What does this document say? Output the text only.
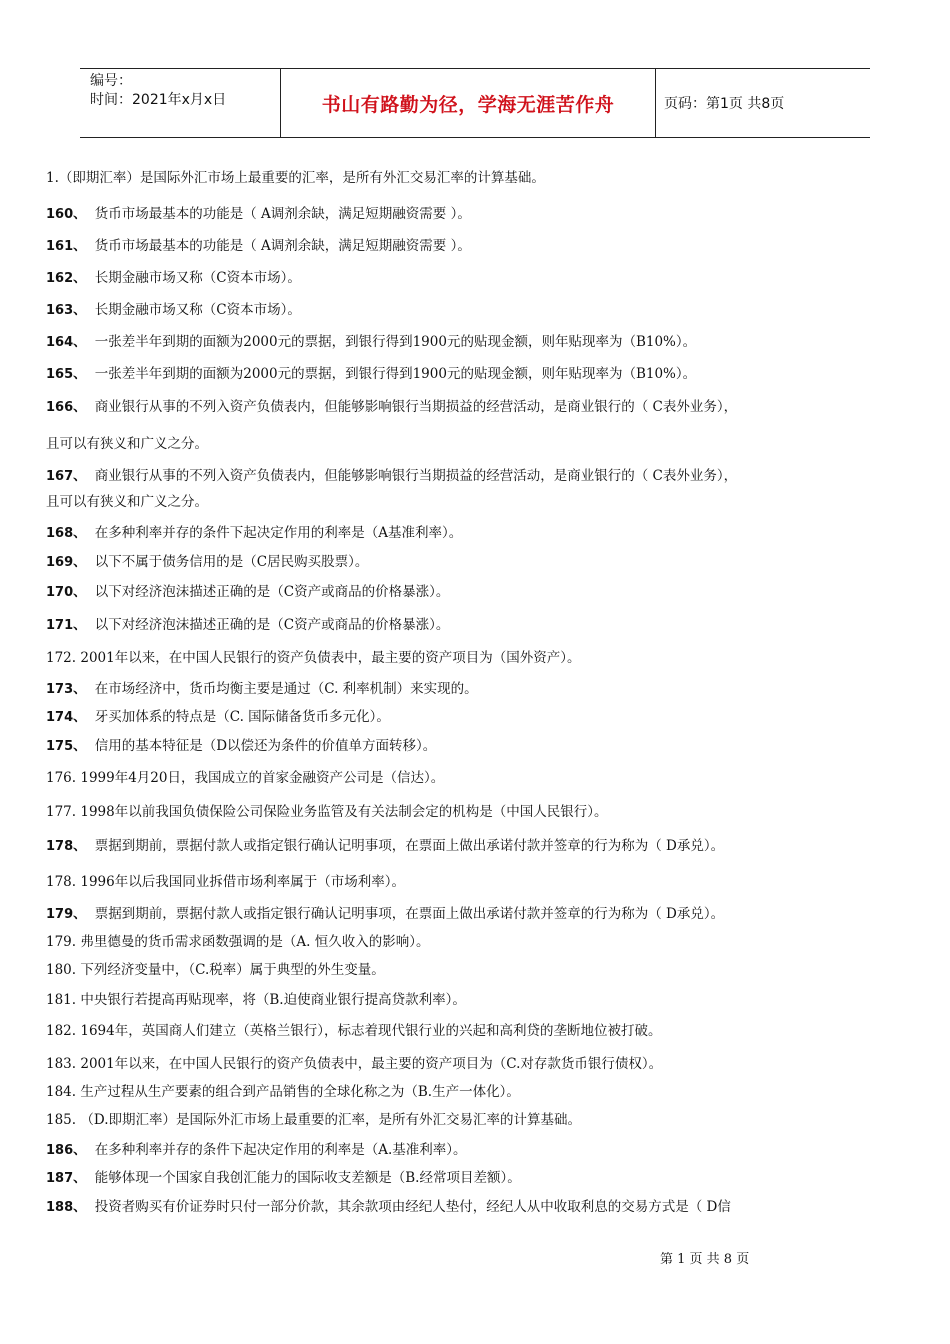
编号：
时间：2021年x月x日	书山有路勤为径，学海无涯苦作舟	页码：第1页 共8页
1.（即期汇率）是国际外汇市场上最重要的汇率，是所有外汇交易汇率的计算基础。
160、 货币市场最基本的功能是（ A调剂余缺，满足短期融资需要 ）。
161、 货币市场最基本的功能是（ A调剂余缺，满足短期融资需要 ）。
162、 长期金融市场又称（C资本市场）。
163、 长期金融市场又称（C资本市场）。
164、 一张差半年到期的面额为2000元的票据，到银行得到1900元的贴现金额，则年贴现率为（B10%）。
165、 一张差半年到期的面额为2000元的票据，到银行得到1900元的贴现金额，则年贴现率为（B10%）。
166、 商业银行从事的不列入资产负债表内，但能够影响银行当期损益的经营活动，是商业银行的（ C表外业务），
且可以有狭义和广义之分。
167、 商业银行从事的不列入资产负债表内，但能够影响银行当期损益的经营活动，是商业银行的（ C表外业务），
且可以有狭义和广义之分。
168、 在多种利率并存的条件下起决定作用的利率是（A基准利率）。
169、 以下不属于债务信用的是（C居民购买股票）。
170、 以下对经济泡沫描述正确的是（C资产或商品的价格暴涨）。
171、 以下对经济泡沫描述正确的是（C资产或商品的价格暴涨）。
172. 2001年以来，在中国人民银行的资产负债表中，最主要的资产项目为（国外资产）。
173、 在市场经济中，货币均衡主要是通过（C. 利率机制）来实现的。
174、 牙买加体系的特点是（C. 国际储备货币多元化）。
175、 信用的基本特征是（D以偿还为条件的价值单方面转移）。
176. 1999年4月20日，我国成立的首家金融资产公司是（信达）。
177. 1998年以前我国负债保险公司保险业务监管及有关法制会定的机构是（中国人民银行）。
178、 票据到期前，票据付款人或指定银行确认记明事项，在票面上做出承诺付款并签章的行为称为（ D承兑）。
178. 1996年以后我国同业拆借市场利率属于（市场利率）。
179、 票据到期前，票据付款人或指定银行确认记明事项，在票面上做出承诺付款并签章的行为称为（ D承兑）。
179. 弗里德曼的货币需求函数强调的是（A. 恒久收入的影响）。
180. 下列经济变量中，（C.税率）属于典型的外生变量。
181. 中央银行若提高再贴现率，将（B.迫使商业银行提高贷款利率）。
182. 1694年，英国商人们建立（英格兰银行），标志着现代银行业的兴起和高利贷的垄断地位被打破。
183. 2001年以来，在中国人民银行的资产负债表中，最主要的资产项目为（C.对存款货币银行债权）。
184. 生产过程从生产要素的组合到产品销售的全球化称之为（B.生产一体化）。
185. （D.即期汇率）是国际外汇市场上最重要的汇率，是所有外汇交易汇率的计算基础。
186、 在多种利率并存的条件下起决定作用的利率是（A.基准利率）。
187、 能够体现一个国家自我创汇能力的国际收支差额是（B.经常项目差额）。
188、 投资者购买有价证券时只付一部分价款，其余款项由经纪人垫付，经纪人从中收取利息的交易方式是（ D信
第 1 页 共 8 页
